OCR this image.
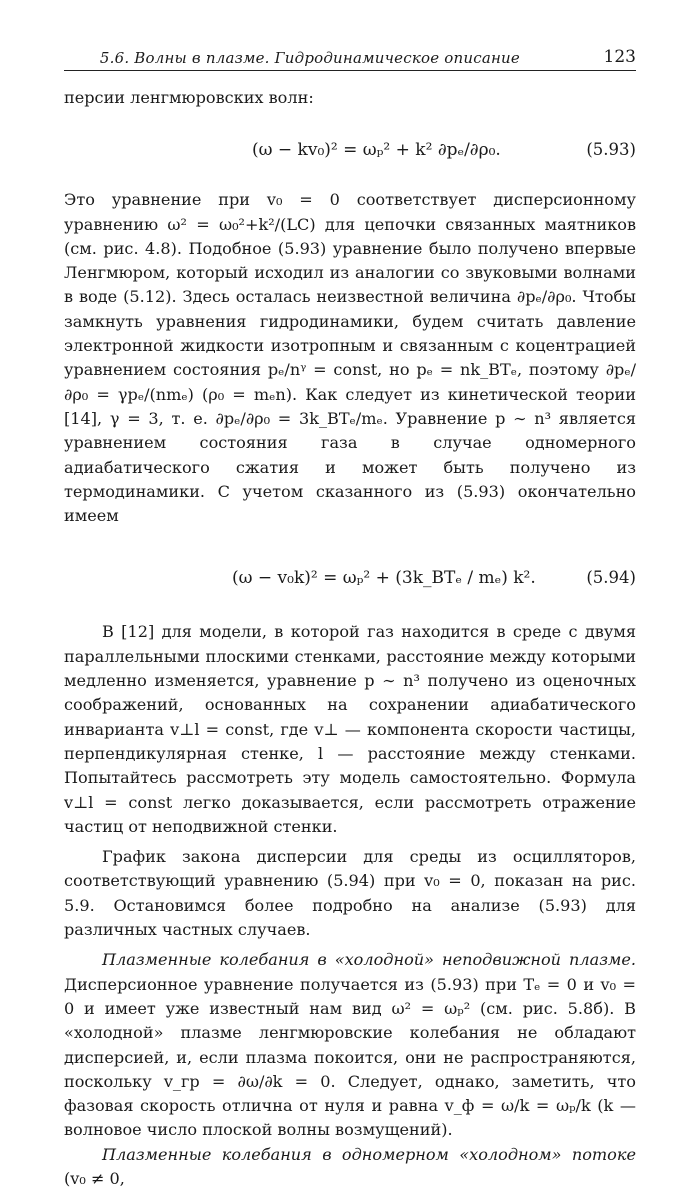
5.6. Волны в плазме. Гидродинамическое описание	123

персии ленгмюровских волн:

(ω − kv₀)² = ωₚ² + k² ∂pₑ/∂ρ₀.	(5.93)

Это уравнение при v₀ = 0 соответствует дисперсионному уравнению ω² = ω₀²+k²/(LC) для цепочки связанных маятников (см. рис. 4.8). Подобное (5.93) уравнение было получено впервые Ленгмюром, который исходил из аналогии со звуковыми волнами в воде (5.12). Здесь осталась неизвестной величина ∂pₑ/∂ρ₀. Чтобы замкнуть уравнения гидродинамики, будем считать давление электронной жидкости изотропным и связанным с коцентрацией уравнением состояния pₑ/nᵞ = const, но pₑ = nk_BTₑ, поэтому ∂pₑ/∂ρ₀ = γpₑ/(nmₑ) (ρ₀ = mₑn). Как следует из кинетической теории [14], γ = 3, т. е. ∂pₑ/∂ρ₀ = 3k_BTₑ/mₑ. Уравнение p ∼ n³ является уравнением состояния газа в случае одномерного адиабатического сжатия и может быть получено из термодинамики. С учетом сказанного из (5.93) окончательно имеем

(ω − v₀k)² = ωₚ² + (3k_BTₑ / mₑ) k².	(5.94)

В [12] для модели, в которой газ находится в среде с двумя параллельными плоскими стенками, расстояние между которыми медленно изменяется, уравнение p ∼ n³ получено из оценочных соображений, основанных на сохранении адиабатического инварианта v⊥l = const, где v⊥ — компонента скорости частицы, перпендикулярная стенке, l — расстояние между стенками. Попытайтесь рассмотреть эту модель самостоятельно. Формула v⊥l = const легко доказывается, если рассмотреть отражение частиц от неподвижной стенки.

График закона дисперсии для среды из осцилляторов, соответствующий уравнению (5.94) при v₀ = 0, показан на рис. 5.9. Остановимся более подробно на анализе (5.93) для различных частных случаев.

Плазменные колебания в «холодной» неподвижной плазме. Дисперсионное уравнение получается из (5.93) при Tₑ = 0 и v₀ = 0 и имеет уже известный нам вид ω² = ωₚ² (см. рис. 5.8б). В «холодной» плазме ленгмюровские колебания не обладают дисперсией, и, если плазма покоится, они не распространяются, поскольку v_гр = ∂ω/∂k = 0. Следует, однако, заметить, что фазовая скорость отлична от нуля и равна v_ф = ω/k = ωₚ/k (k — волновое число плоской волны возмущений).

Плазменные колебания в одномерном «холодном» потоке (v₀ ≠ 0,
